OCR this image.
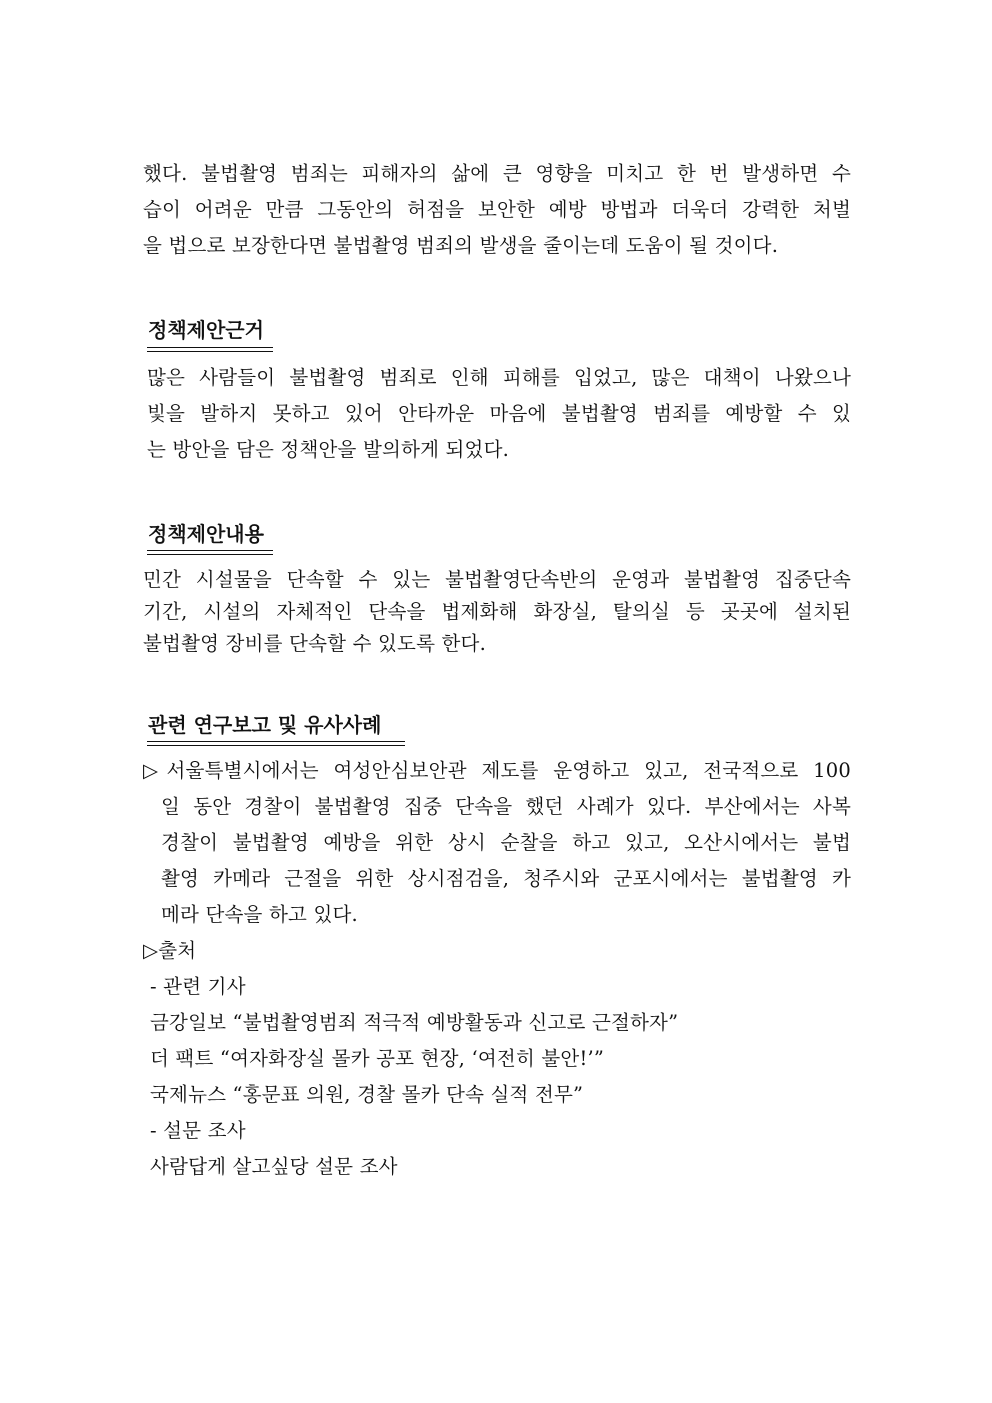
했다. 불법촬영 범죄는 피해자의 삶에 큰 영향을 미치고 한 번 발생하면 수
습이 어려운 만큼 그동안의 허점을 보안한 예방 방법과 더욱더 강력한 처벌
을 법으로 보장한다면 불법촬영 범죄의 발생을 줄이는데 도움이 될 것이다.
정책제안근거
많은 사람들이 불법촬영 범죄로 인해 피해를 입었고, 많은 대책이 나왔으나
빛을 발하지 못하고 있어 안타까운 마음에 불법촬영 범죄를 예방할 수 있
는 방안을 담은 정책안을 발의하게 되었다.
정책제안내용
민간 시설물을 단속할 수 있는 불법촬영단속반의 운영과 불법촬영 집중단속
기간, 시설의 자체적인 단속을 법제화해 화장실, 탈의실 등 곳곳에 설치된
불법촬영 장비를 단속할 수 있도록 한다.
관련 연구보고 및 유사사례
▷서울특별시에서는 여성안심보안관 제도를 운영하고 있고, 전국적으로 100
일 동안 경찰이 불법촬영 집중 단속을 했던 사례가 있다. 부산에서는 사복
경찰이 불법촬영 예방을 위한 상시 순찰을 하고 있고, 오산시에서는 불법
촬영 카메라 근절을 위한 상시점검을, 청주시와 군포시에서는 불법촬영 카
메라 단속을 하고 있다.
▷출처
- 관련 기사
금강일보 “불법촬영범죄 적극적 예방활동과 신고로 근절하자”
더 팩트 “여자화장실 몰카 공포 현장, ‘여전히 불안!’”
국제뉴스 “홍문표 의원, 경찰 몰카 단속 실적 전무”
- 설문 조사
사람답게 살고싶당 설문 조사
